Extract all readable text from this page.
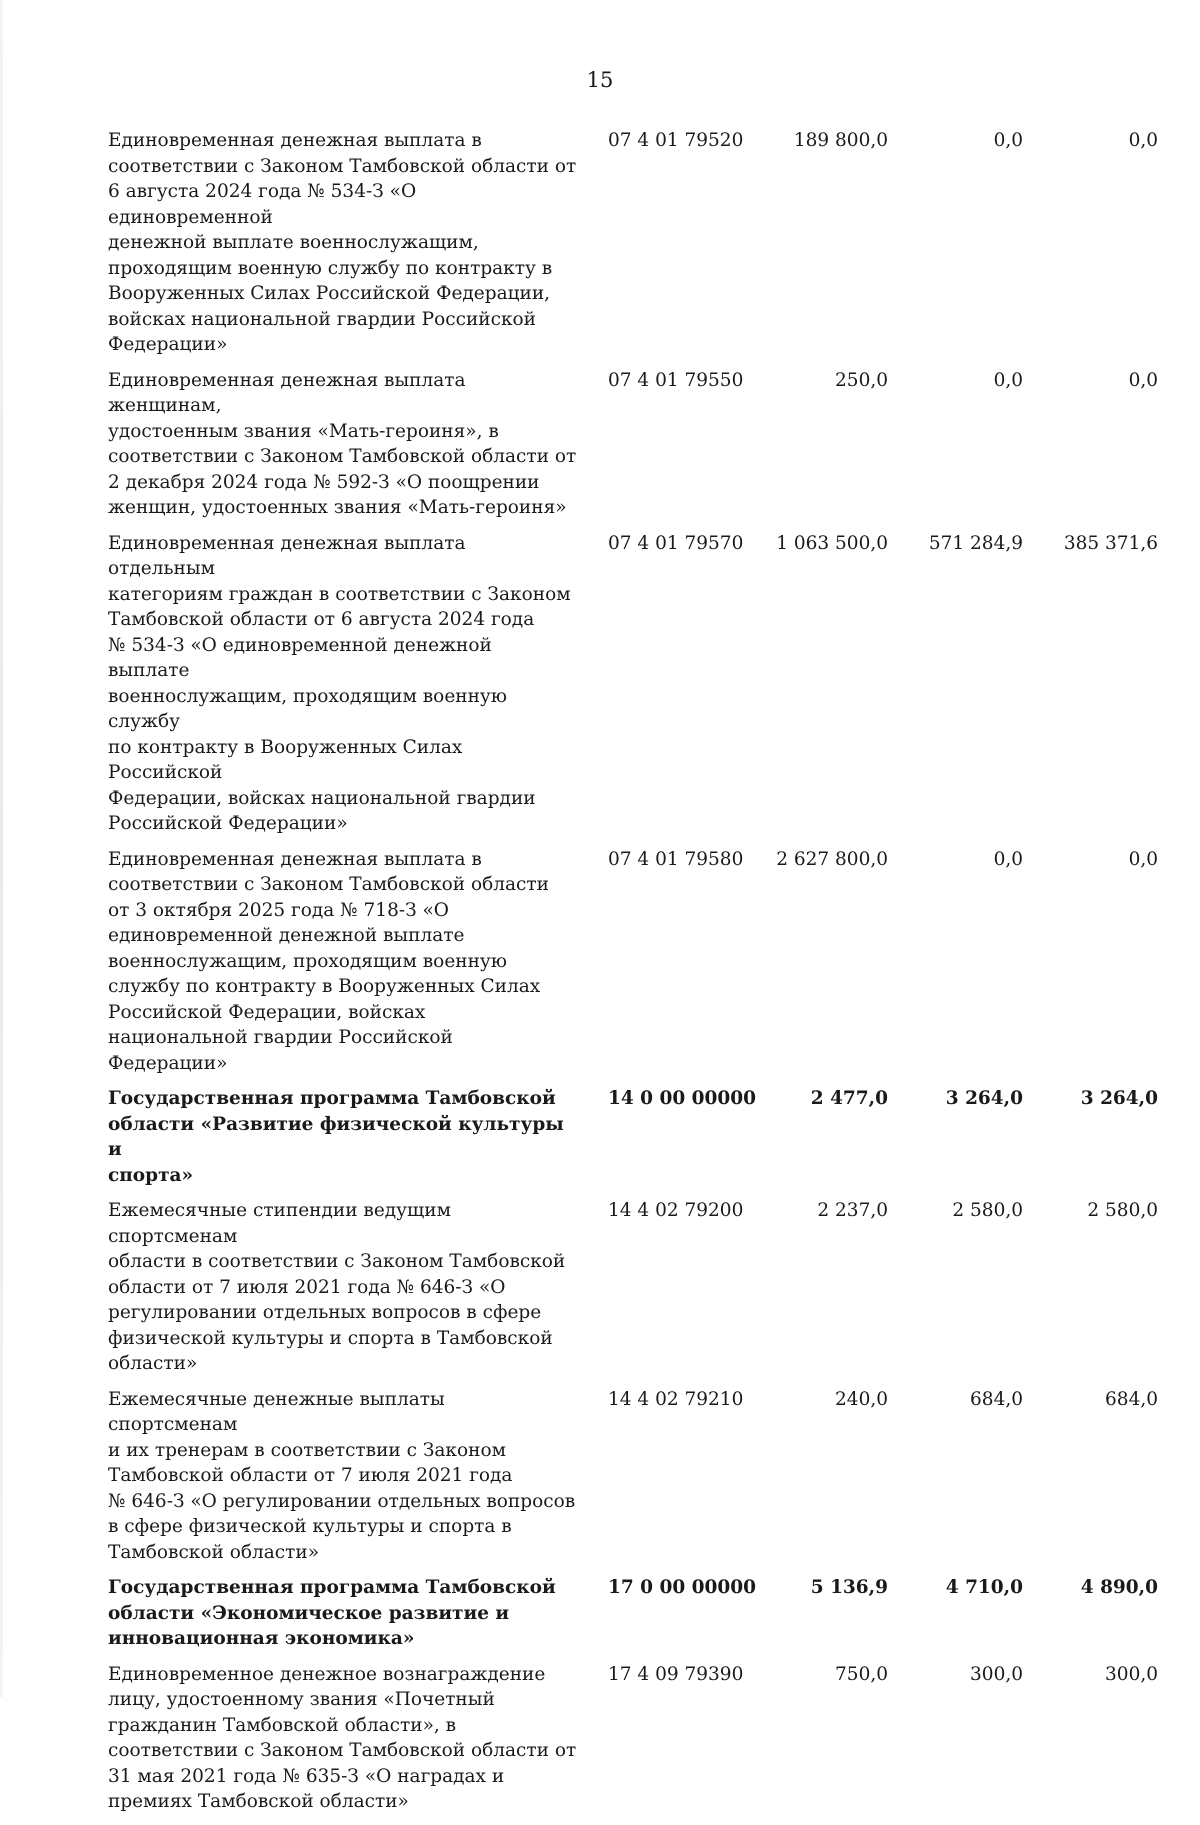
15
Единовременная денежная выплата в
соответствии с Законом Тамбовской области от
6 августа 2024 года № 534-З «О единовременной
денежной выплате военнослужащим,
проходящим военную службу по контракту в
Вооруженных Силах Российской Федерации,
войсках национальной гвардии Российской
Федерации»
07 4 01 79520	189 800,0	0,0	0,0
Единовременная денежная выплата женщинам,
удостоенным звания «Мать-героиня», в
соответствии с Законом Тамбовской области от
2 декабря 2024 года № 592-З «О поощрении
женщин, удостоенных звания «Мать-героиня»
07 4 01 79550	250,0	0,0	0,0
Единовременная денежная выплата отдельным
категориям граждан в соответствии с Законом
Тамбовской области от 6 августа 2024 года
№ 534-З «О единовременной денежной выплате
военнослужащим, проходящим военную службу
по контракту в Вооруженных Силах Российской
Федерации, войсках национальной гвардии
Российской Федерации»
07 4 01 79570	1 063 500,0	571 284,9	385 371,6
Единовременная денежная выплата в
соответствии с Законом Тамбовской области
от 3 октября 2025 года № 718-З «О
единовременной денежной выплате
военнослужащим, проходящим военную
службу по контракту в Вооруженных Силах
Российской Федерации, войсках
национальной гвардии Российской
Федерации»
07 4 01 79580	2 627 800,0	0,0	0,0
Государственная программа Тамбовской
области «Развитие физической культуры и
спорта»
14 0 00 00000	2 477,0	3 264,0	3 264,0
Ежемесячные стипендии ведущим спортсменам
области в соответствии с Законом Тамбовской
области от 7 июля 2021 года № 646-З «О
регулировании отдельных вопросов в сфере
физической культуры и спорта в Тамбовской
области»
14 4 02 79200	2 237,0	2 580,0	2 580,0
Ежемесячные денежные выплаты спортсменам
и их тренерам в соответствии с Законом
Тамбовской области от 7 июля 2021 года
№ 646-З «О регулировании отдельных вопросов
в сфере физической культуры и спорта в
Тамбовской области»
14 4 02 79210	240,0	684,0	684,0
Государственная программа Тамбовской
области «Экономическое развитие и
инновационная экономика»
17 0 00 00000	5 136,9	4 710,0	4 890,0
Единовременное денежное вознаграждение
лицу, удостоенному звания «Почетный
гражданин Тамбовской области», в
соответствии с Законом Тамбовской области от
31 мая 2021 года № 635-З «О наградах и
премиях Тамбовской области»
17 4 09 79390	750,0	300,0	300,0
